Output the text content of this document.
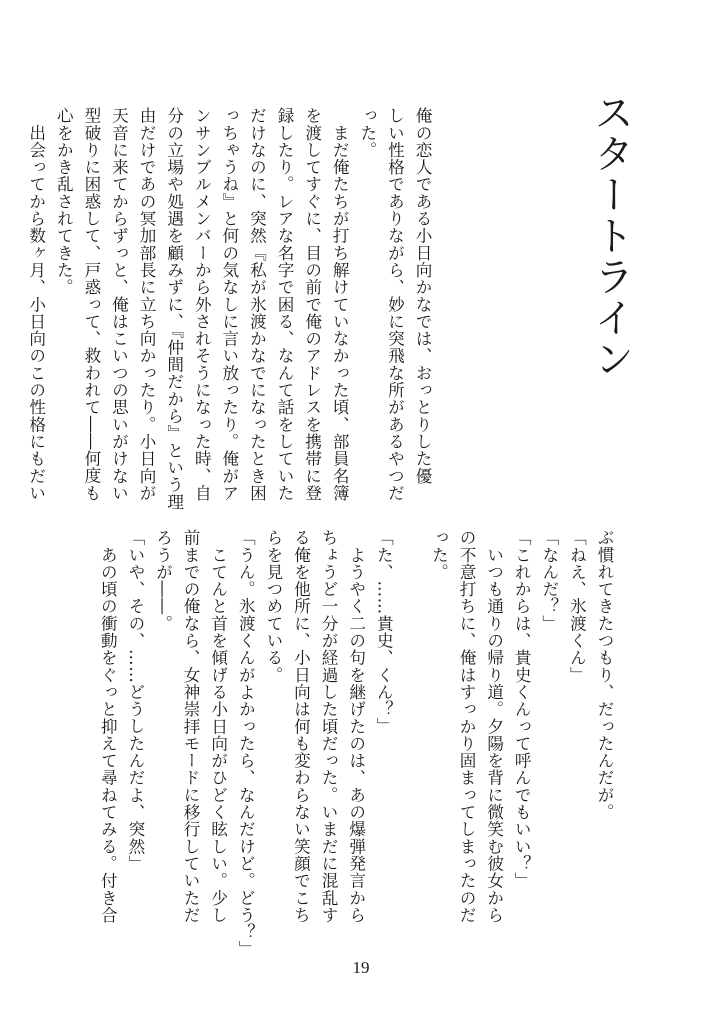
スタートライン

俺の恋人である小日向かなでは、おっとりした優

しい性格でありながら、妙に突飛な所があるやつだ

った。

　まだ俺たちが打ち解けていなかった頃、部員名簿

を渡してすぐに、目の前で俺のアドレスを携帯に登

録したり。レアな名字で困る、なんて話をしていた

だけなのに、突然『私が氷渡かなでになったとき困

っちゃうね』と何の気なしに言い放ったり。俺がア

ンサンブルメンバーから外されそうになった時、自

分の立場や処遇を顧みずに、『仲間だから』という理

由だけであの冥加部長に立ち向かったり。小日向が

天音に来てからずっと、俺はこいつの思いがけない

型破りに困惑して、戸惑って、救われて――何度も

心をかき乱されてきた。

　出会ってから数ヶ月、小日向のこの性格にもだい

ぶ慣れてきたつもり、だったんだが。

「ねえ、氷渡くん」

「なんだ？」

「これからは、貴史くんって呼んでもいい？」

　いつも通りの帰り道。夕陽を背に微笑む彼女から

の不意打ちに、俺はすっかり固まってしまったのだ

った。

「た、……貴史、くん？」

　ようやく二の句を継げたのは、あの爆弾発言から

ちょうど一分が経過した頃だった。いまだに混乱す

る俺を他所に、小日向は何も変わらない笑顔でこち

らを見つめている。

「うん。氷渡くんがよかったら、なんだけど。どう？」

　こてんと首を傾げる小日向がひどく眩しい。少し

前までの俺なら、女神崇拝モードに移行していただ

ろうが――。

「いや、その、……どうしたんだよ、突然」

　あの頃の衝動をぐっと抑えて尋ねてみる。付き合

19
